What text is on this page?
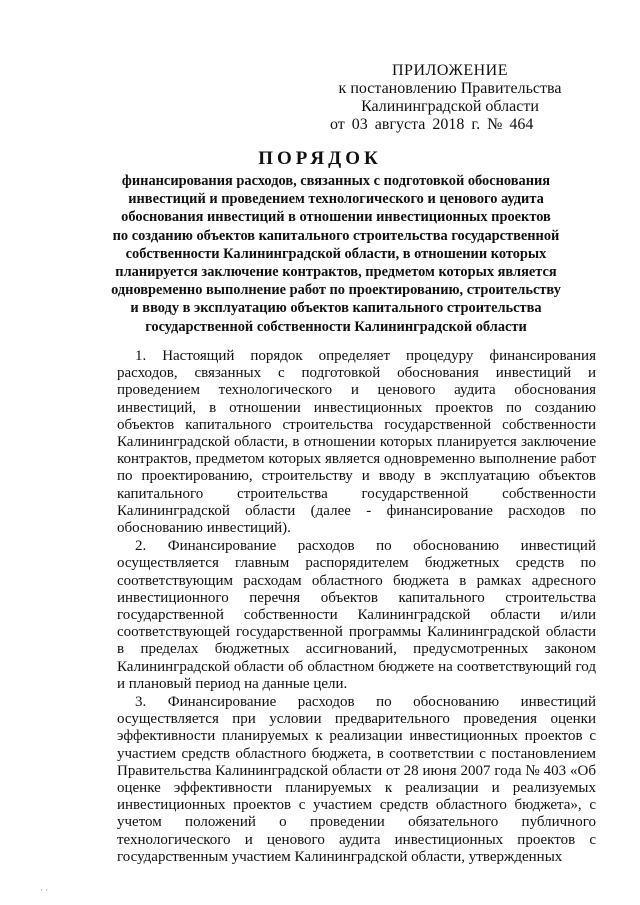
ПРИЛОЖЕНИЕ
к постановлению Правительства
Калининградской области
от 03 августа 2018 г. № 464
ПОРЯДОК
финансирования расходов, связанных с подготовкой обоснования
инвестиций и проведением технологического и ценового аудита
обоснования инвестиций в отношении инвестиционных проектов
по созданию объектов капитального строительства государственной
собственности Калининградской области, в отношении которых
планируется заключение контрактов, предметом которых является
одновременно выполнение работ по проектированию, строительству
и вводу в эксплуатацию объектов капитального строительства
государственной собственности Калининградской области

1. Настоящий порядок определяет процедуру финансирования расходов, связанных с подготовкой обоснования инвестиций и проведением технологического и ценового аудита обоснования инвестиций, в отношении инвестиционных проектов по созданию объектов капитального строительства государственной собственности Калининградской области, в отношении которых планируется заключение контрактов, предметом которых является одновременно выполнение работ по проектированию, строительству и вводу в эксплуатацию объектов капитального строительства государственной собственности Калининградской области (далее - финансирование расходов по обоснованию инвестиций).

2. Финансирование расходов по обоснованию инвестиций осуществляется главным распорядителем бюджетных средств по соответствующим расходам областного бюджета в рамках адресного инвестиционного перечня объектов капитального строительства государственной собственности Калининградской области и/или соответствующей государственной программы Калининградской области в пределах бюджетных ассигнований, предусмотренных законом Калининградской области об областном бюджете на соответствующий год и плановый период на данные цели.

3. Финансирование расходов по обоснованию инвестиций осуществляется при условии предварительного проведения оценки эффективности планируемых к реализации инвестиционных проектов с участием средств областного бюджета, в соответствии с постановлением Правительства Калининградской области от 28 июня 2007 года № 403 «Об оценке эффективности планируемых к реализации и реализуемых инвестиционных проектов с участием средств областного бюджета», с учетом положений о проведении обязательного публичного технологического и ценового аудита инвестиционных проектов с государственным участием Калининградской области, утвержденных

· ·
